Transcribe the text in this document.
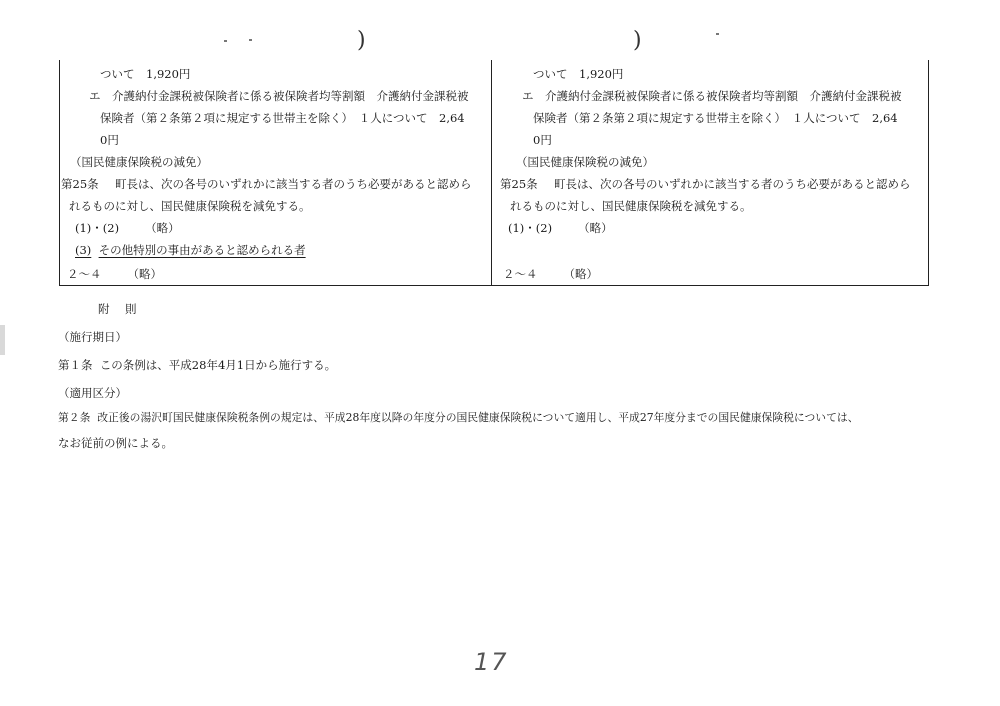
)	)
ついて　1,920円
エ 介護納付金課税被保険者に係る被保険者均等割額　介護納付金課税被
保険者（第２条第２項に規定する世帯主を除く）　１人について　2,64
0円
（国民健康保険税の減免）
第25条 町長は、次の各号のいずれかに該当する者のうち必要があると認めら
れるものに対し、国民健康保険税を減免する。
(1)・(2) （略）
(3) その他特別の事由があると認められる者
２～４ （略）
ついて　1,920円
エ 介護納付金課税被保険者に係る被保険者均等割額　介護納付金課税被
保険者（第２条第２項に規定する世帯主を除く）　１人について　2,64
0円
（国民健康保険税の減免）
第25条 町長は、次の各号のいずれかに該当する者のうち必要があると認めら
れるものに対し、国民健康保険税を減免する。
(1)・(2) （略）
２～４ （略）
附　則
（施行期日）
第１条 この条例は、平成28年4月1日から施行する。
（適用区分）
第２条 改正後の湯沢町国民健康保険税条例の規定は、平成28年度以降の年度分の国民健康保険税について適用し、平成27年度分までの国民健康保険税については、
なお従前の例による。
17
